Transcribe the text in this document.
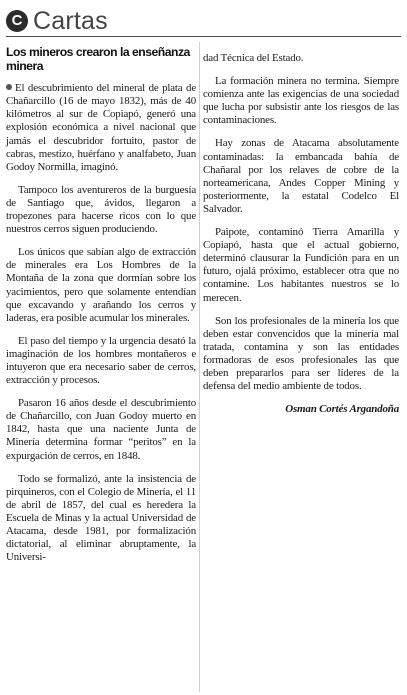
C Cartas
Los mineros crearon la enseñanza minera

El descubrimiento del mineral de plata de Chañarcillo (16 de mayo 1832), más de 40 kilómetros al sur de Copiapó, generó una explosión económica a nivel nacional que jamás el descubridor fortuito, pastor de cabras, mestizo, huérfano y analfabeto, Juan Godoy Normilla, imaginó.

Tampoco los aventureros de la burguesía de Santiago que, ávidos, llegaron a tropezones para hacerse ricos con lo que nuestros cerros siguen produciendo.

Los únicos que sabían algo de extracción de minerales era Los Hombres de la Montaña de la zona que dormían sobre los yacimientos, pero que solamente entendían que excavando y arañando los cerros y laderas, era posible acumular los minerales.

El paso del tiempo y la urgencia desató la imaginación de los hombres montañeros e intuyeron que era necesario saber de cerros, extracción y procesos.

Pasaron 16 años desde el descubrimiento de Chañarcillo, con Juan Godoy muerto en 1842, hasta que una naciente Junta de Minería determina formar “peritos” en la expurgación de cerros, en 1848.

Todo se formalizó, ante la insistencia de pirquineros, con el Colegio de Minería, el 11 de abril de 1857, del cual es heredera la Escuela de Minas y la actual Universidad de Atacama, desde 1981, por formalización dictatorial, al eliminar abruptamente, la Universi-

dad Técnica del Estado.

La formación minera no termina. Siempre comienza ante las exigencias de una sociedad que lucha por subsistir ante los riesgos de las contaminaciones.

Hay zonas de Atacama absolutamente contaminadas: la embancada bahía de Chañaral por los relaves de cobre de la norteamericana, Andes Copper Mining y posteriormente, la estatal Codelco El Salvador.

Paipote, contaminó Tierra Amarilla y Copiapó, hasta que el actual gobierno, determinó clausurar la Fundición para en un futuro, ojalá próximo, establecer otra que no contamine. Los habitantes nuestros se lo merecen.

Son los profesionales de la minería los que deben estar convencidos que la minería mal tratada, contamina y son las entidades formadoras de esos profesionales las que deben prepararlos para ser líderes de la defensa del medio ambiente de todos.

Osman Cortés Argandoña
